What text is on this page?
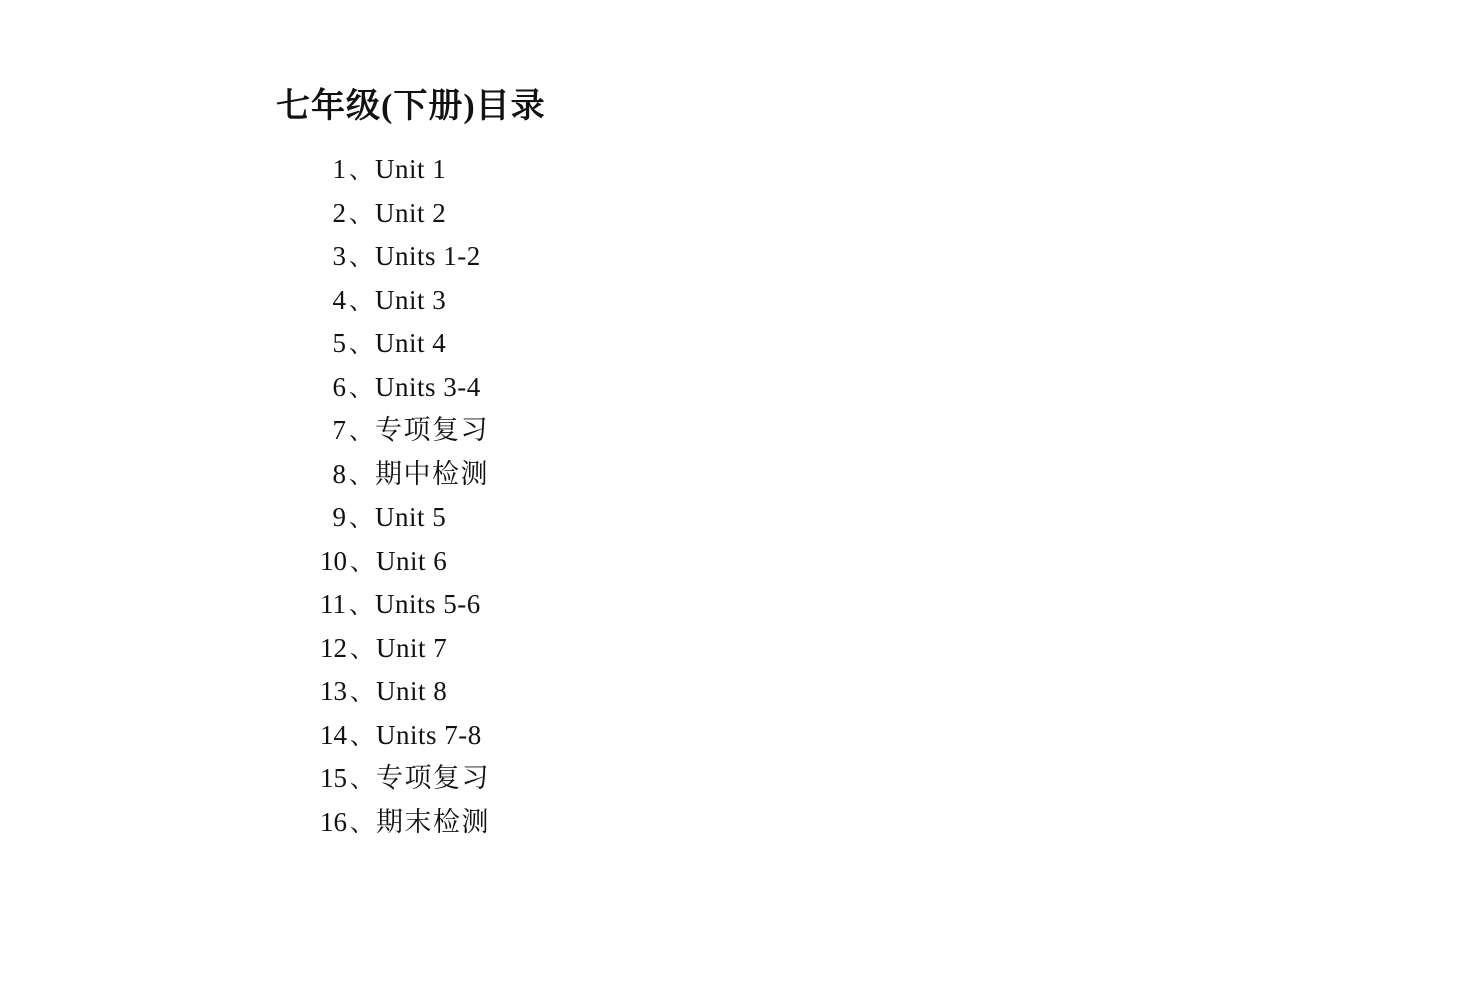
七年级(下册)目录
1 、 Unit 1
2 、 Unit 2
3 、 Units 1-2
4 、 Unit 3
5 、 Unit 4
6 、 Units 3-4
7 、 专项复习
8 、 期中检测
9 、 Unit 5
10 、 Unit 6
11 、 Units 5-6
12 、 Unit 7
13 、 Unit 8
14 、 Units 7-8
15 、 专项复习
16 、 期末检测
